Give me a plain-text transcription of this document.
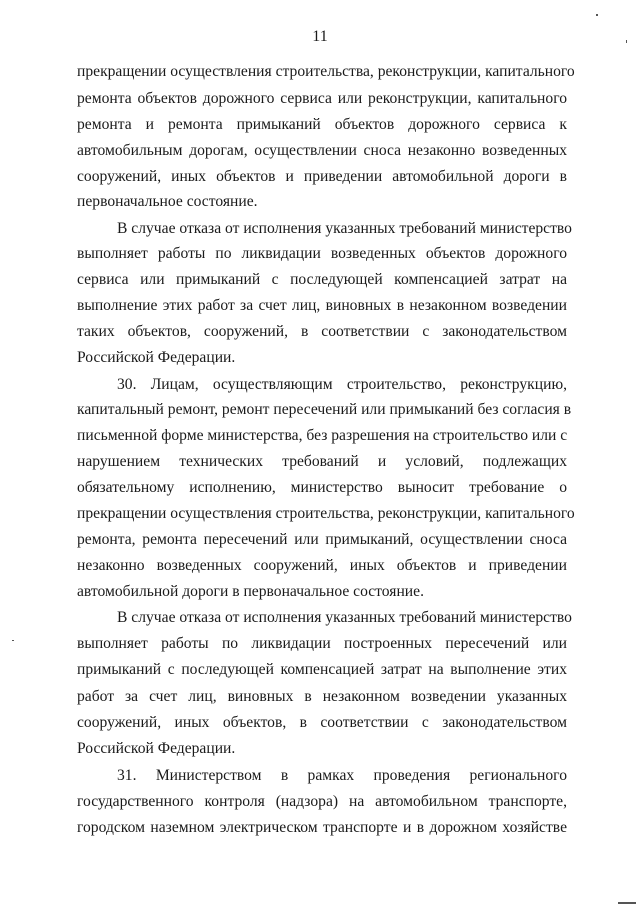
11
прекращении осуществления строительства, реконструкции, капитального
ремонта объектов дорожного сервиса или реконструкции, капитального
ремонта и ремонта примыканий объектов дорожного сервиса к
автомобильным дорогам, осуществлении сноса незаконно возведенных
сооружений, иных объектов и приведении автомобильной дороги в
первоначальное состояние.
В случае отказа от исполнения указанных требований министерство
выполняет работы по ликвидации возведенных объектов дорожного
сервиса или примыканий с последующей компенсацией затрат на
выполнение этих работ за счет лиц, виновных в незаконном возведении
таких объектов, сооружений, в соответствии с законодательством
Российской Федерации.
30. Лицам, осуществляющим строительство, реконструкцию,
капитальный ремонт, ремонт пересечений или примыканий без согласия в
письменной форме министерства, без разрешения на строительство или с
нарушением технических требований и условий, подлежащих
обязательному исполнению, министерство выносит требование о
прекращении осуществления строительства, реконструкции, капитального
ремонта, ремонта пересечений или примыканий, осуществлении сноса
незаконно возведенных сооружений, иных объектов и приведении
автомобильной дороги в первоначальное состояние.
В случае отказа от исполнения указанных требований министерство
выполняет работы по ликвидации построенных пересечений или
примыканий с последующей компенсацией затрат на выполнение этих
работ за счет лиц, виновных в незаконном возведении указанных
сооружений, иных объектов, в соответствии с законодательством
Российской Федерации.
31. Министерством в рамках проведения регионального
государственного контроля (надзора) на автомобильном транспорте,
городском наземном электрическом транспорте и в дорожном хозяйстве
